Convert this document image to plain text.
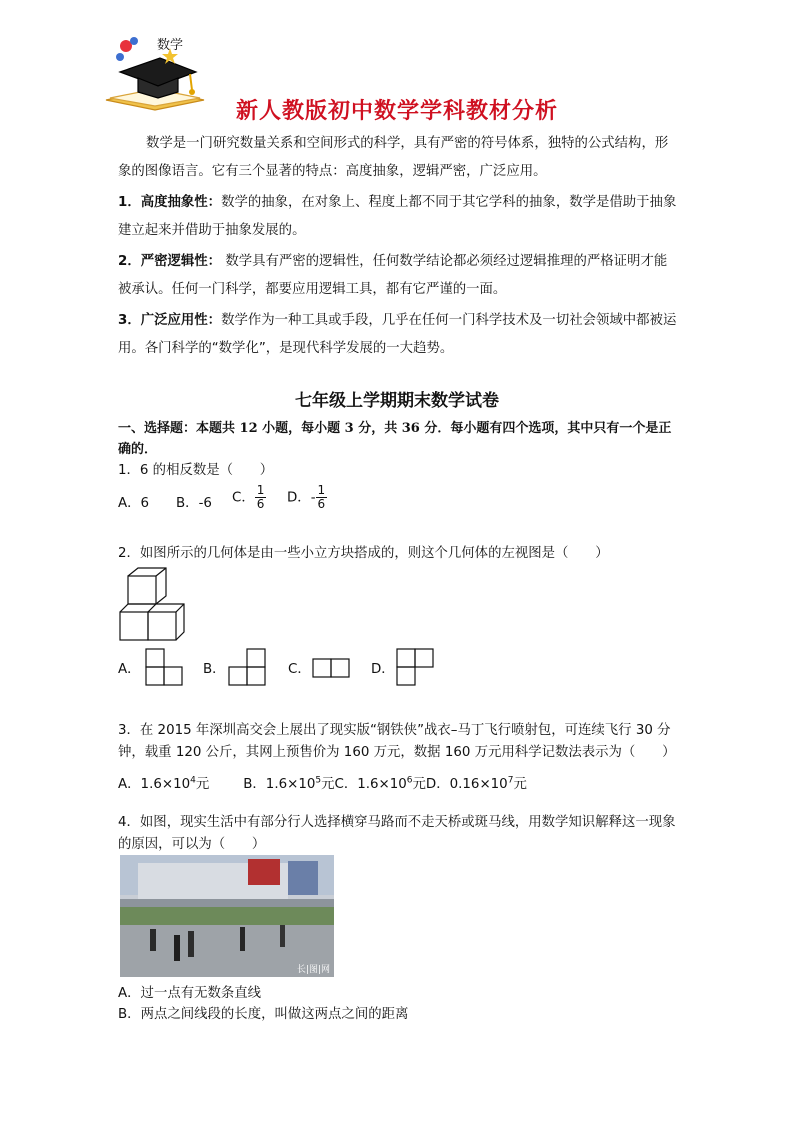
数学
新人教版初中数学学科教材分析
数学是一门研究数量关系和空间形式的科学，具有严密的符号体系，独特的公式结构，形象的图像语言。它有三个显著的特点：高度抽象，逻辑严密，广泛应用。
1．高度抽象性：数学的抽象，在对象上、程度上都不同于其它学科的抽象，数学是借助于抽象建立起来并借助于抽象发展的。
2．严密逻辑性： 数学具有严密的逻辑性，任何数学结论都必须经过逻辑推理的严格证明才能被承认。任何一门科学，都要应用逻辑工具，都有它严谨的一面。
3．广泛应用性：数学作为一种工具或手段，几乎在任何一门科学技术及一切社会领域中都被运用。各门科学的“数学化”，是现代科学发展的一大趋势。
七年级上学期期末数学试卷
一、选择题：本题共 12 小题，每小题 3 分，共 36 分．每小题有四个选项，其中只有一个是正确的．
1．6 的相反数是（　　）
A．6 B．-6 C． $\frac{1}{6}$ D．- $\frac{1}{6}$
2．如图所示的几何体是由一些小立方块搭成的，则这个几何体的左视图是（　　）
A．	B．	C．	D．
3．在 2015 年深圳高交会上展出了现实版“钢铁侠”战衣–马丁飞行喷射包，可连续飞行 30 分钟，载重 120 公斤，其网上预售价为 160 万元，数据 160 万元用科学记数法表示为（　　）
A．$1.6\times 10^4$元	B．$1.6\times 10^5$元C．$1.6\times 10^6$元D．$0.16\times 10^7$元
4．如图，现实生活中有部分行人选择横穿马路而不走天桥或斑马线，用数学知识解释这一现象的原因，可以为（　　）
长|图|网
A．过一点有无数条直线
B．两点之间线段的长度，叫做这两点之间的距离
